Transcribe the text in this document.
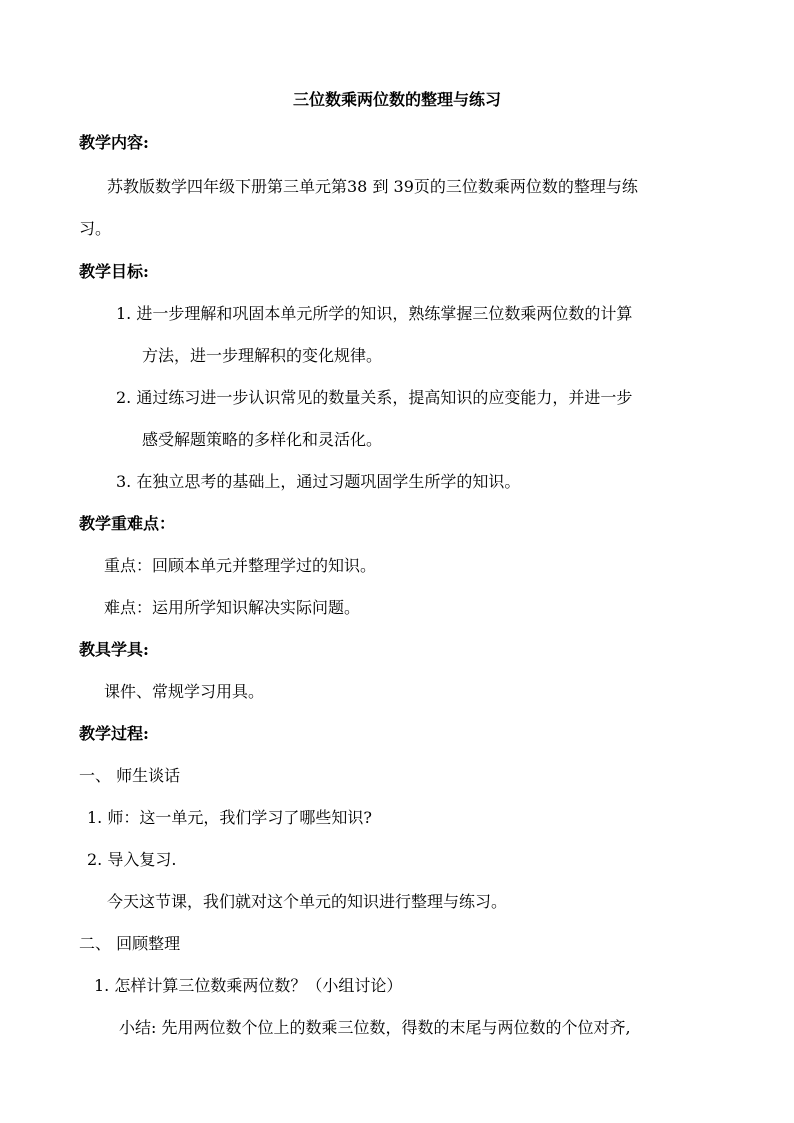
三位数乘两位数的整理与练习
教学内容:
苏教版数学四年级下册第三单元第38 到 39页的三位数乘两位数的整理与练
习。
教学目标:
1. 进一步理解和巩固本单元所学的知识，熟练掌握三位数乘两位数的计算
方法，进一步理解积的变化规律。
2. 通过练习进一步认识常见的数量关系，提高知识的应变能力，并进一步
感受解题策略的多样化和灵活化。
3. 在独立思考的基础上，通过习题巩固学生所学的知识。
教学重难点：
重点：回顾本单元并整理学过的知识。
难点：运用所学知识解决实际问题。
教具学具:
课件、常规学习用具。
教学过程:
一、 师生谈话
1. 师：这一单元，我们学习了哪些知识?
2. 导入复习.
今天这节课，我们就对这个单元的知识进行整理与练习。
二、 回顾整理
1. 怎样计算三位数乘两位数？（小组讨论）
小结: 先用两位数个位上的数乘三位数，得数的末尾与两位数的个位对齐,
